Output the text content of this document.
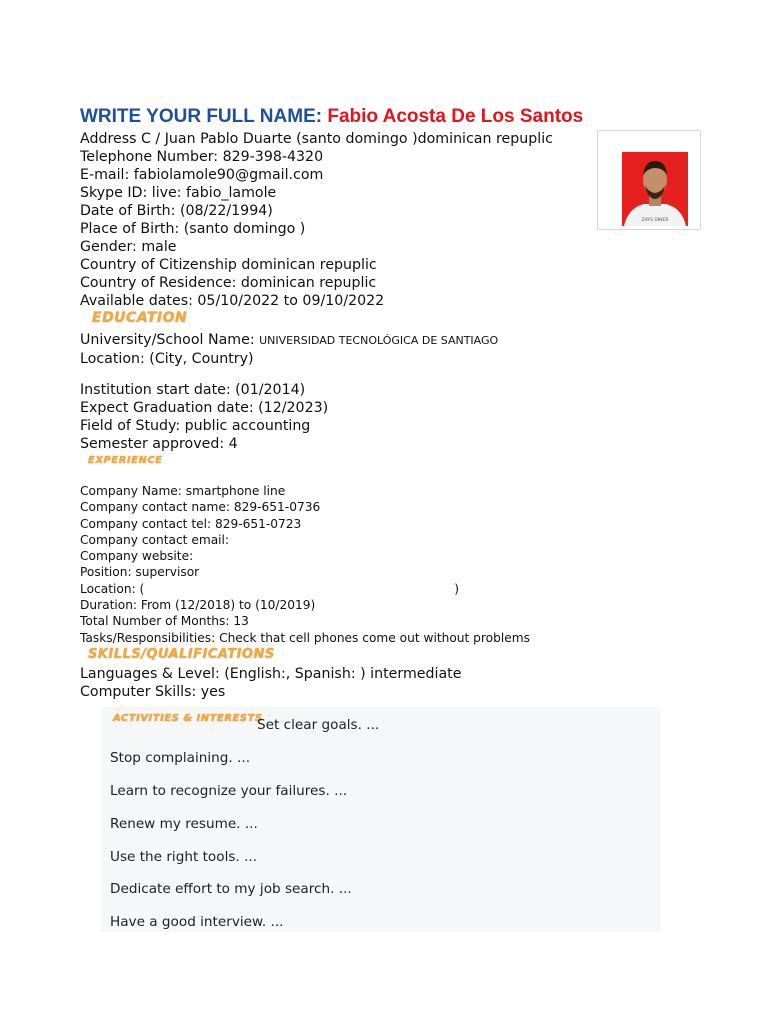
WRITE YOUR FULL NAME: Fabio Acosta De Los Santos
Address C / Juan Pablo Duarte (santo domingo )dominican repuplic
Telephone Number: 829-398-4320
E-mail: fabiolamole90@gmail.com
Skype ID: live: fabio_lamole
Date of Birth: (08/22/1994)
Place of Birth: (santo domingo )
Gender: male
Country of Citizenship dominican repuplic
Country of Residence: dominican repuplic
Available dates: 05/10/2022 to 09/10/2022
ZAYS DINER
EDUCATION
University/School Name: UNIVERSIDAD TECNOLÓGICA DE SANTIAGO
Location: (City, Country)
Institution start date: (01/2014)
Expect Graduation date: (12/2023)
Field of Study: public accounting
Semester approved: 4
EXPERIENCE
Company Name: smartphone line
Company contact name: 829-651-0736
Company contact tel: 829-651-0723
Company contact email:
Company website:
Position: supervisor
Location: (                                                                                )
Duration: From (12/2018) to (10/2019)
Total Number of Months: 13
Tasks/Responsibilities: Check that cell phones come out without problems
SKILLS/QUALIFICATIONS
Languages & Level: (English:, Spanish: ) intermediate
Computer Skills: yes
ACTIVITIES & INTERESTS
Set clear goals. ...
Stop complaining. ...
Learn to recognize your failures. ...
Renew my resume. ...
Use the right tools. ...
Dedicate effort to my job search. ...
Have a good interview. ...
